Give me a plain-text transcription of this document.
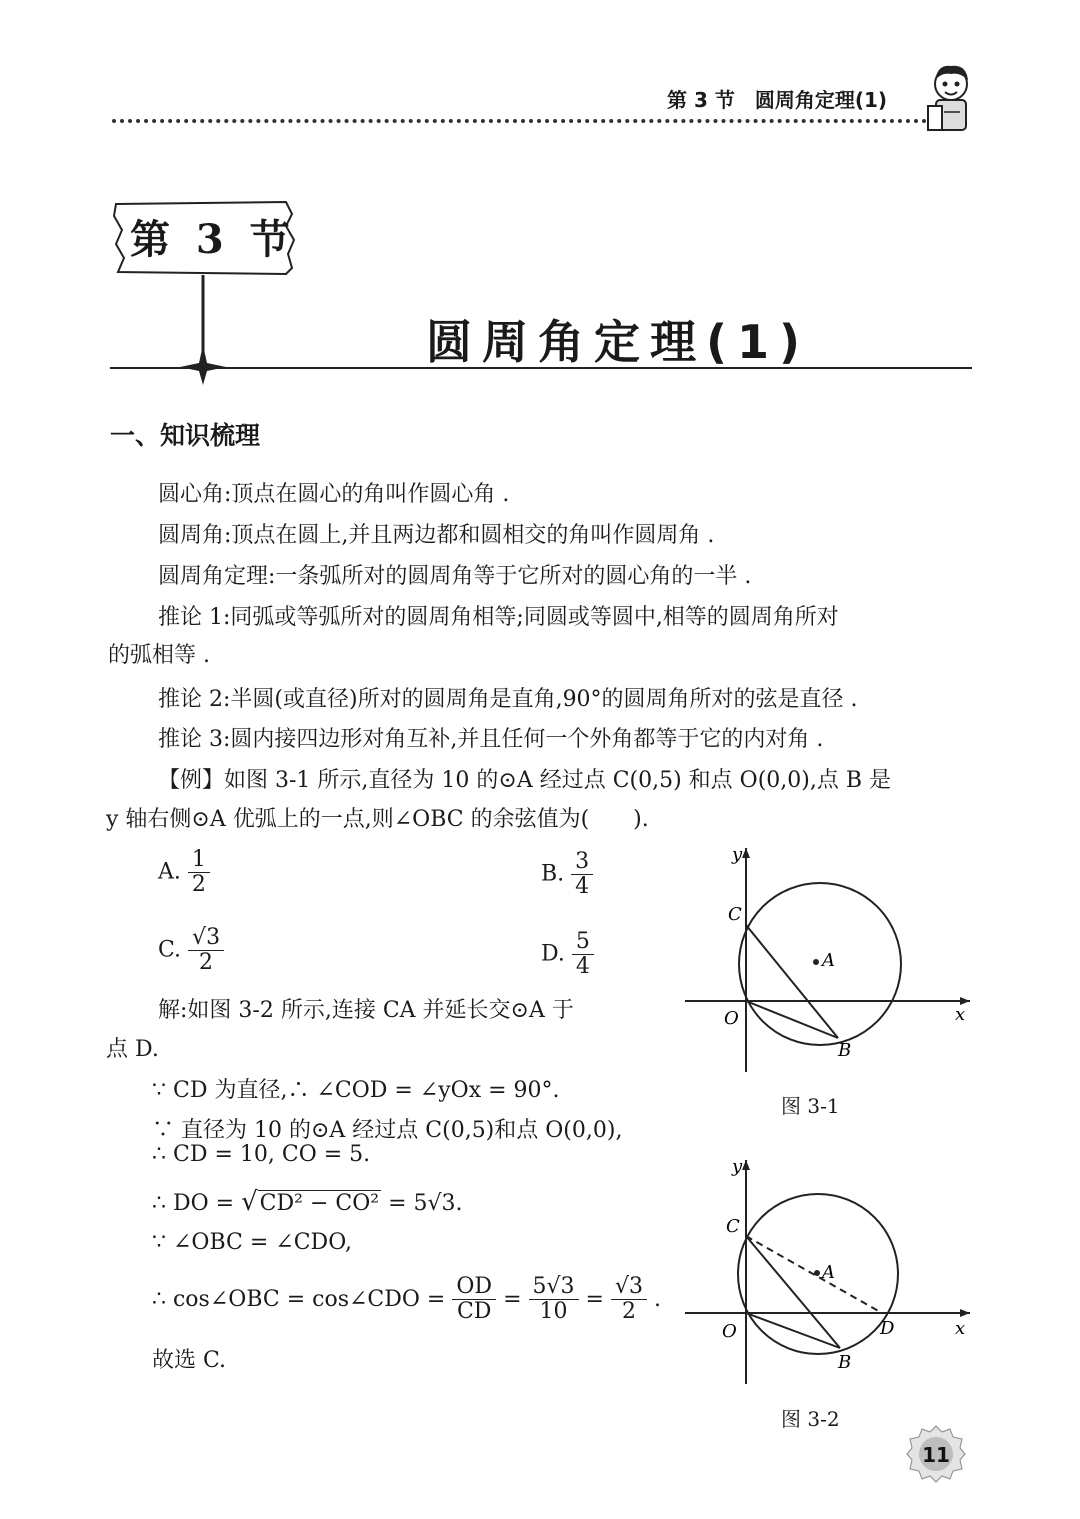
第 3 节　圆周角定理(1)
第 3 节
圆周角定理(1)
一、知识梳理
圆心角:顶点在圆心的角叫作圆心角 .
圆周角:顶点在圆上,并且两边都和圆相交的角叫作圆周角 .
圆周角定理:一条弧所对的圆周角等于它所对的圆心角的一半 .
推论 1:同弧或等弧所对的圆周角相等;同圆或等圆中,相等的圆周角所对
的弧相等 .
推论 2:半圆(或直径)所对的圆周角是直角,90°的圆周角所对的弦是直径 .
推论 3:圆内接四边形对角互补,并且任何一个外角都等于它的内对角 .
【例】如图 3-1 所示,直径为 10 的⊙A 经过点 C(0,5) 和点 O(0,0),点 B 是
y 轴右侧⊙A 优弧上的一点,则∠OBC 的余弦值为(　　).
A. $\frac{1}{2}$	B. $\frac{3}{4}$
C. $\frac{√3}{2}$	D. $\frac{5}{4}$
解:如图 3-2 所示,连接 CA 并延长交⊙A 于
点 D.
∵ CD 为直径,∴ ∠COD = ∠yOx = 90°.
∵ 直径为 10 的⊙A 经过点 C(0,5)和点 O(0,0),
∴ CD = 10, CO = 5.
∴ DO = √CD² − CO² = 5√3.
∵ ∠OBC = ∠CDO,
∴ cos∠OBC = cos∠CDO = $\frac{OD}{CD} = \frac{5√3}{10} = \frac{√3}{2}$ .
故选 C.
y
x
O
C
A
B
图 3-1
y
x
O
C
A
B
D
图 3-2
11
